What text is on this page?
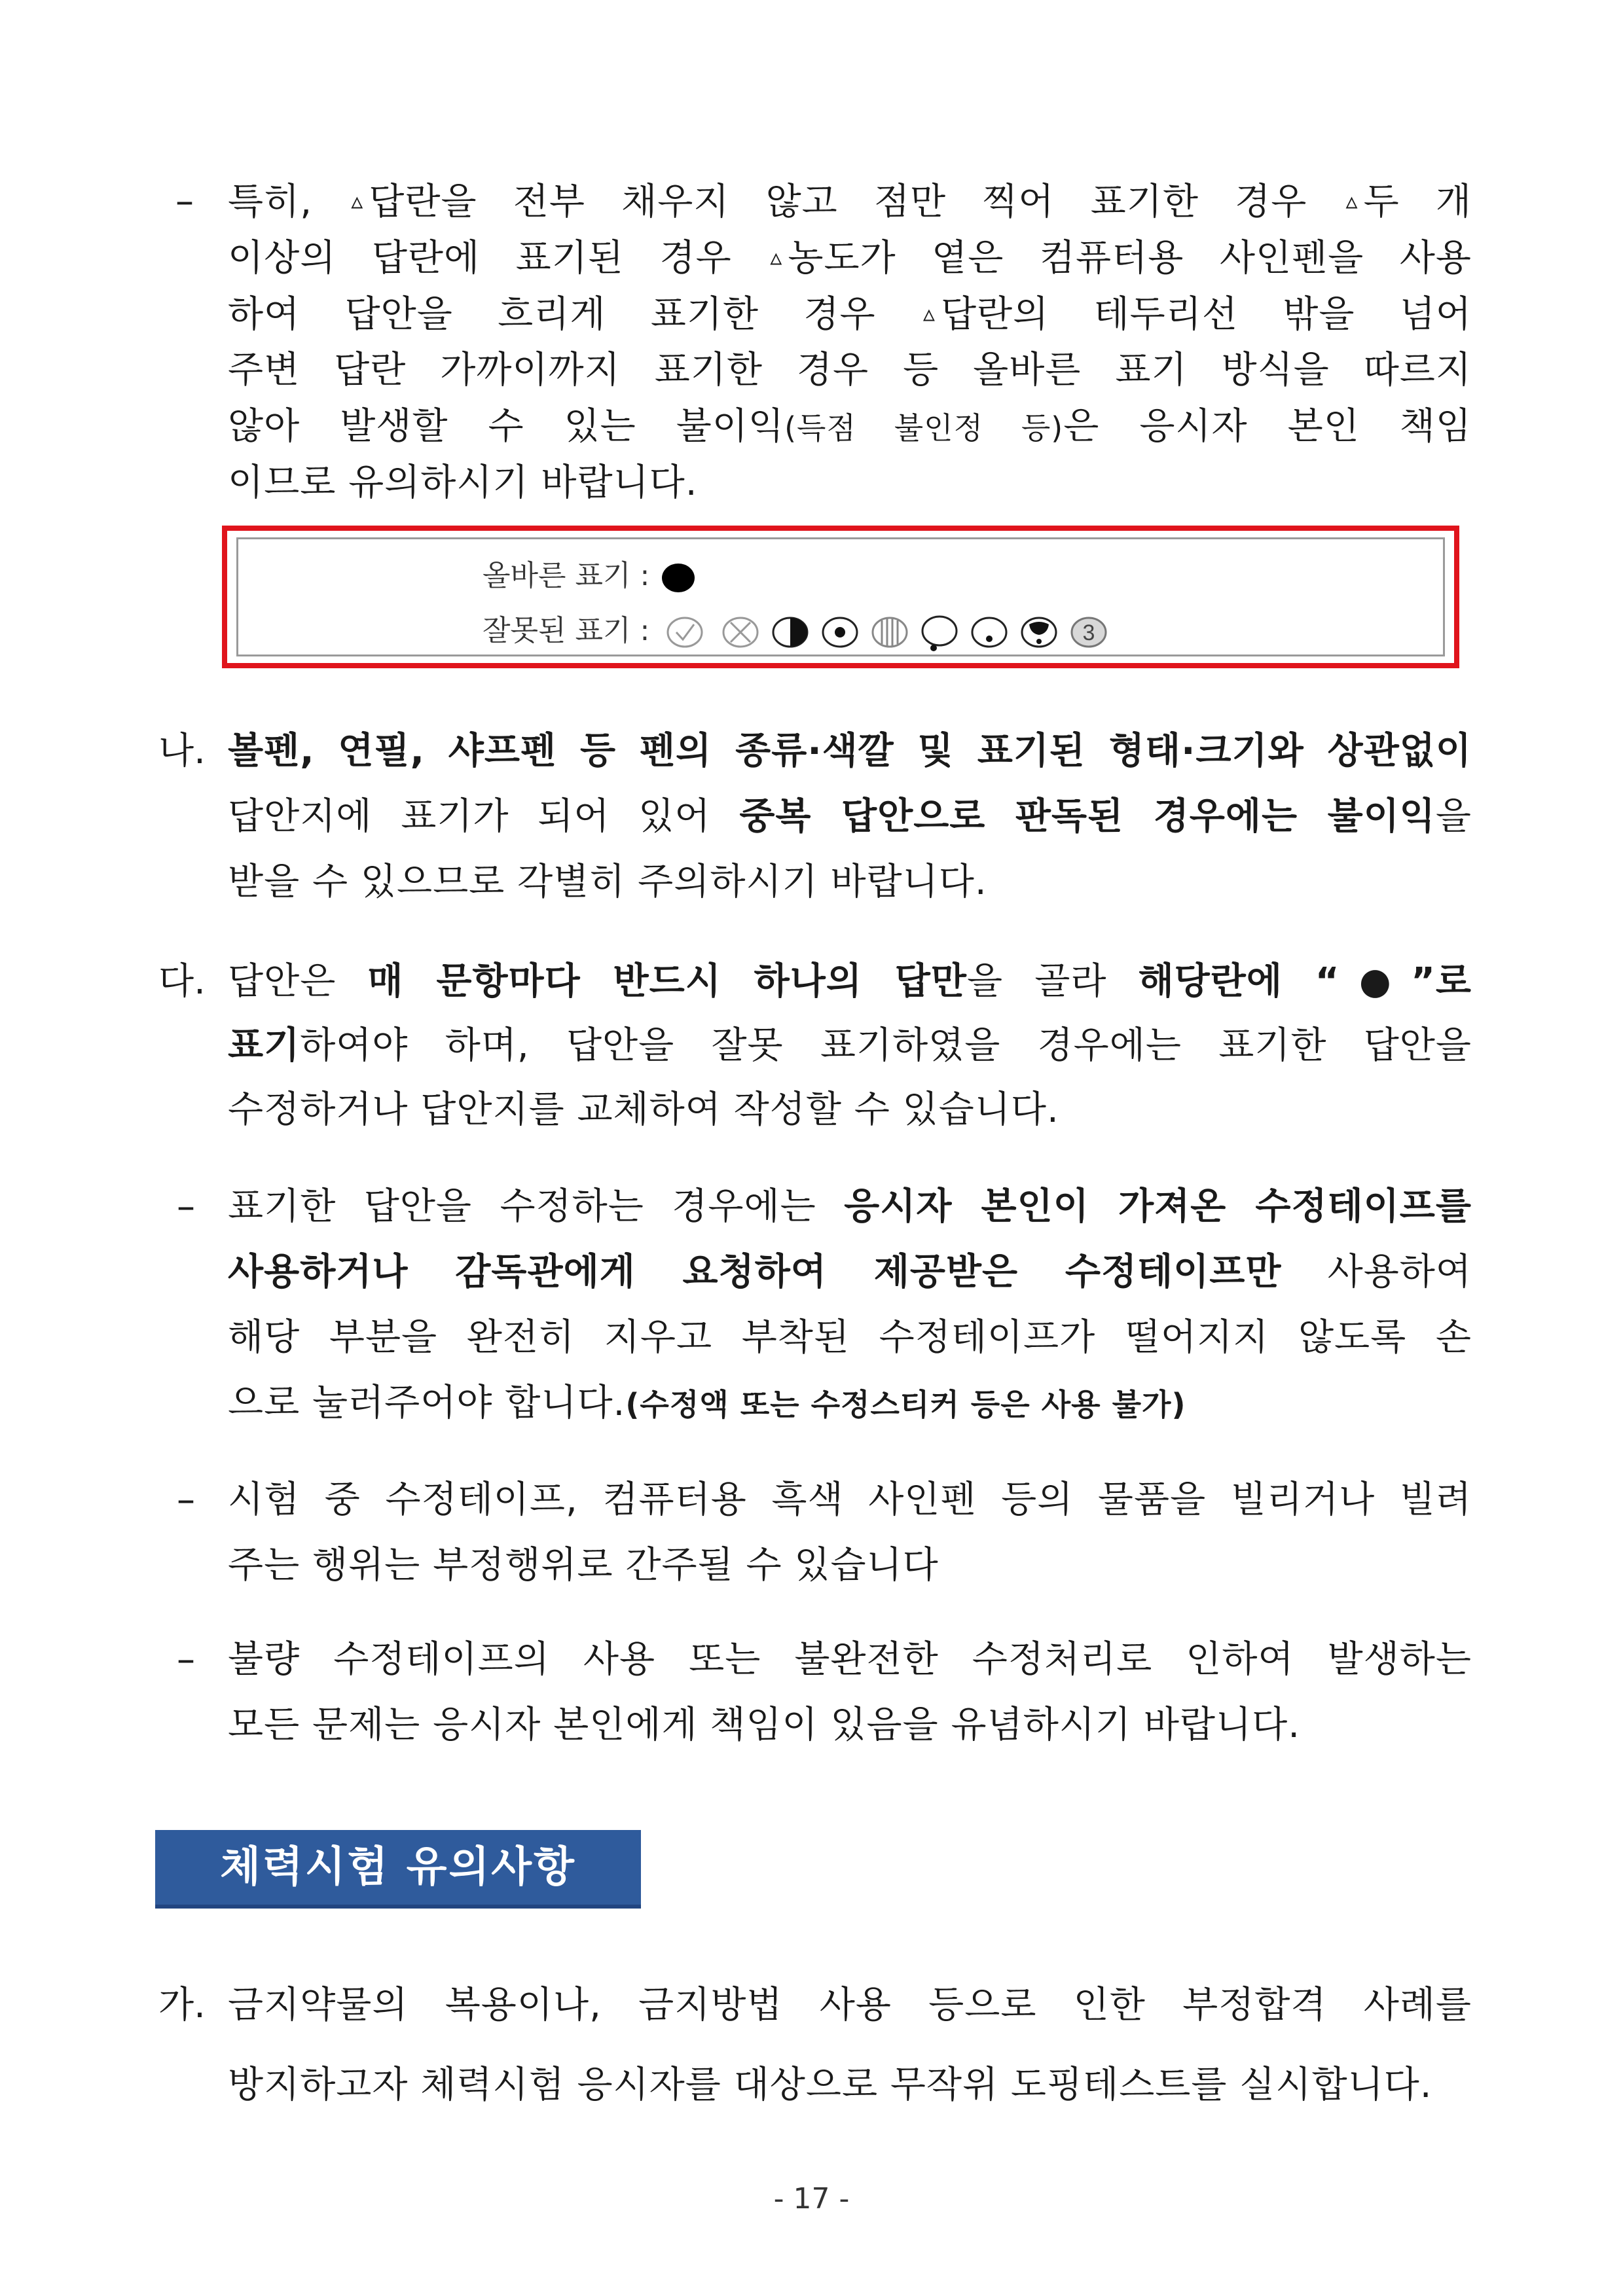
– 특히, ▵ 답란을 전부 채우지 않고 점만 찍어 표기한 경우 ▵ 두 개
이상의 답란에 표기된 경우 ▵ 농도가 옅은 컴퓨터용 사인펜을 사용
하여 답안을 흐리게 표기한 경우 ▵ 답란의 테두리선 밖을 넘어
주변 답란 가까이까지 표기한 경우 등 올바른 표기 방식을 따르지
않아 발생할 수 있는 불이익(득점 불인정 등)은 응시자 본인 책임
이므로 유의하시기 바랍니다.
올바른 표기 :
잘못된 표기 :	3
나. 볼펜, 연필, 샤프펜 등 펜의 종류·색깔 및 표기된 형태·크기와 상관없이
답안지에 표기가 되어 있어 중복 답안으로 판독된 경우에는 불이익을
받을 수 있으므로 각별히 주의하시기 바랍니다.
다. 답안은 매 문항마다 반드시 하나의 답만을 골라 해당란에 “●”로
표기하여야 하며, 답안을 잘못 표기하였을 경우에는 표기한 답안을
수정하거나 답안지를 교체하여 작성할 수 있습니다.
– 표기한 답안을 수정하는 경우에는 응시자 본인이 가져온 수정테이프를
사용하거나 감독관에게 요청하여 제공받은 수정테이프만 사용하여
해당 부분을 완전히 지우고 부착된 수정테이프가 떨어지지 않도록 손
으로 눌러주어야 합니다.(수정액 또는 수정스티커 등은 사용 불가)
– 시험 중 수정테이프, 컴퓨터용 흑색 사인펜 등의 물품을 빌리거나 빌려
주는 행위는 부정행위로 간주될 수 있습니다
– 불량 수정테이프의 사용 또는 불완전한 수정처리로 인하여 발생하는
모든 문제는 응시자 본인에게 책임이 있음을 유념하시기 바랍니다.
체력시험 유의사항
가. 금지약물의 복용이나, 금지방법 사용 등으로 인한 부정합격 사례를
방지하고자 체력시험 응시자를 대상으로 무작위 도핑테스트를 실시합니다.
- 17 -
